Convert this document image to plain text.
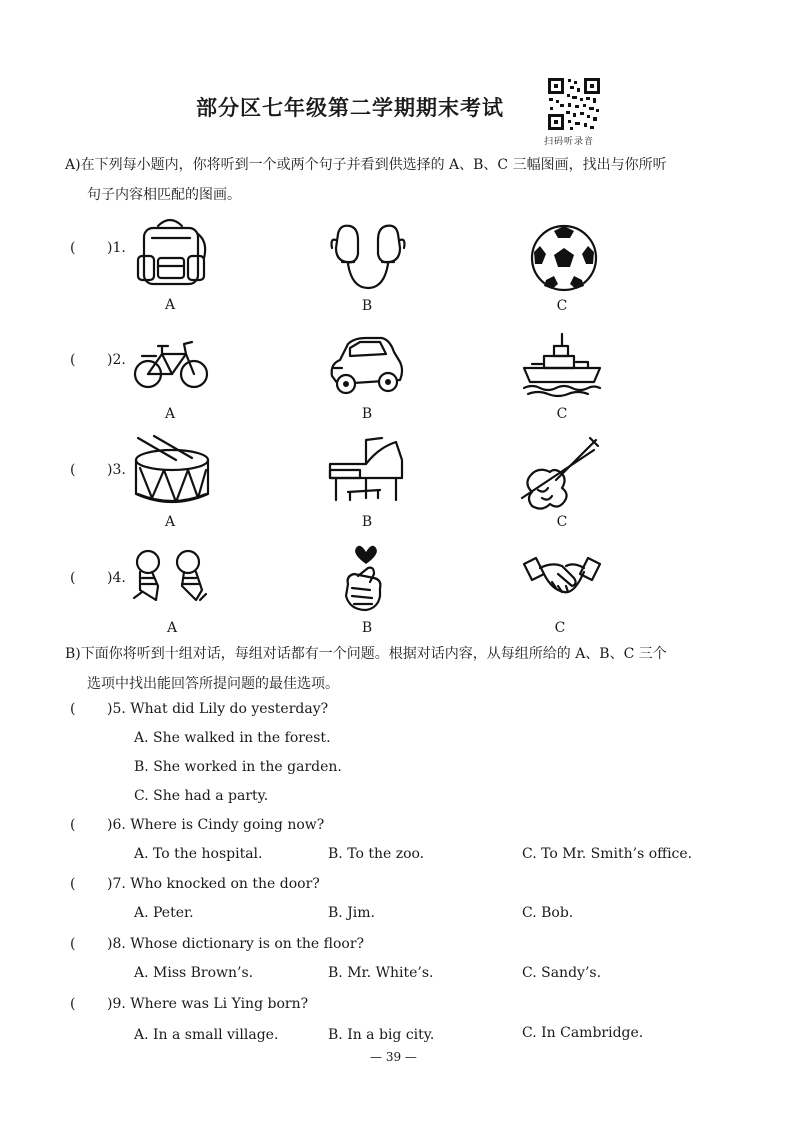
部分区七年级第二学期期末考试
扫码听录音
A)在下列每小题内，你将听到一个或两个句子并看到供选择的 A、B、C 三幅图画，找出与你所听
句子内容相匹配的图画。
( )1.
A	B	C
( )2.
A	B	C
( )3.
A	B	C
( )4.
A	B	C
B)下面你将听到十组对话，每组对话都有一个问题。根据对话内容，从每组所给的 A、B、C 三个
选项中找出能回答所提问题的最佳选项。
( )5. What did Lily do yesterday?
A. She walked in the forest.
B. She worked in the garden.
C. She had a party.
( )6. Where is Cindy going now?
A. To the hospital.	B. To the zoo.	C. To Mr. Smith’s office.
( )7. Who knocked on the door?
A. Peter.	B. Jim.	C. Bob.
( )8. Whose dictionary is on the floor?
A. Miss Brown’s.	B. Mr. White’s.	C. Sandy’s.
( )9. Where was Li Ying born?
A. In a small village.	B. In a big city.	C. In Cambridge.
— 39 —
